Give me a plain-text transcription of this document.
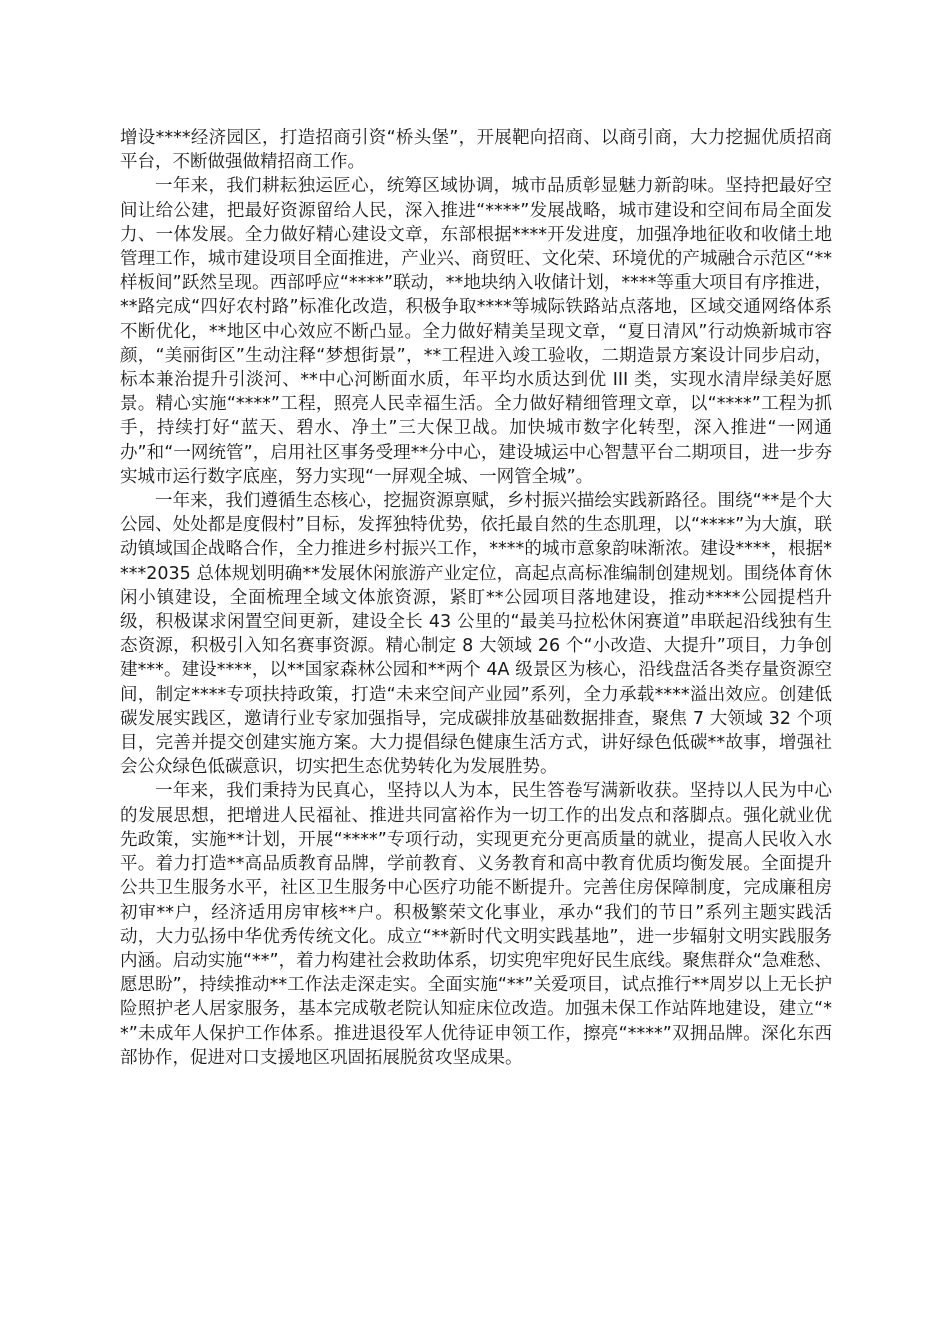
增设****经济园区，打造招商引资“桥头堡”，开展靶向招商、以商引商，大力挖掘优质招商平台，不断做强做精招商工作。

一年来，我们耕耘独运匠心，统筹区域协调，城市品质彰显魅力新韵味。坚持把最好空间让给公建，把最好资源留给人民，深入推进“****”发展战略，城市建设和空间布局全面发力、一体发展。全力做好精心建设文章，东部根据****开发进度，加强净地征收和收储土地管理工作，城市建设项目全面推进，产业兴、商贸旺、文化荣、环境优的产城融合示范区“**样板间”跃然呈现。西部呼应“****”联动，**地块纳入收储计划，****等重大项目有序推进，**路完成“四好农村路”标准化改造，积极争取****等城际铁路站点落地，区域交通网络体系不断优化，**地区中心效应不断凸显。全力做好精美呈现文章，“夏日清风”行动焕新城市容颜，“美丽街区”生动注释“梦想街景”，**工程进入竣工验收，二期造景方案设计同步启动，标本兼治提升引淡河、**中心河断面水质，年平均水质达到优 III 类，实现水清岸绿美好愿景。精心实施“****”工程，照亮人民幸福生活。全力做好精细管理文章，以“****”工程为抓手，持续打好“蓝天、碧水、净土”三大保卫战。加快城市数字化转型，深入推进“一网通办”和“一网统管”，启用社区事务受理**分中心，建设城运中心智慧平台二期项目，进一步夯实城市运行数字底座，努力实现“一屏观全城、一网管全城”。

一年来，我们遵循生态核心，挖掘资源禀赋，乡村振兴描绘实践新路径。围绕“**是个大公园、处处都是度假村”目标，发挥独特优势，依托最自然的生态肌理，以“****”为大旗，联动镇域国企战略合作，全力推进乡村振兴工作，****的城市意象韵味渐浓。建设****，根据****2035 总体规划明确**发展休闲旅游产业定位，高起点高标准编制创建规划。围绕体育休闲小镇建设，全面梳理全域文体旅资源，紧盯**公园项目落地建设，推动****公园提档升级，积极谋求闲置空间更新，建设全长 43 公里的“最美马拉松休闲赛道”串联起沿线独有生态资源，积极引入知名赛事资源。精心制定 8 大领域 26 个“小改造、大提升”项目，力争创建***。建设****，以**国家森林公园和**两个 4A 级景区为核心，沿线盘活各类存量资源空间，制定****专项扶持政策，打造“未来空间产业园”系列，全力承载****溢出效应。创建低碳发展实践区，邀请行业专家加强指导，完成碳排放基础数据排查，聚焦 7 大领域 32 个项目，完善并提交创建实施方案。大力提倡绿色健康生活方式，讲好绿色低碳**故事，增强社会公众绿色低碳意识，切实把生态优势转化为发展胜势。

一年来，我们秉持为民真心，坚持以人为本，民生答卷写满新收获。坚持以人民为中心的发展思想，把增进人民福祉、推进共同富裕作为一切工作的出发点和落脚点。强化就业优先政策，实施**计划，开展“****”专项行动，实现更充分更高质量的就业，提高人民收入水平。着力打造**高品质教育品牌，学前教育、义务教育和高中教育优质均衡发展。全面提升公共卫生服务水平，社区卫生服务中心医疗功能不断提升。完善住房保障制度，完成廉租房初审**户，经济适用房审核**户。积极繁荣文化事业，承办“我们的节日”系列主题实践活动，大力弘扬中华优秀传统文化。成立“**新时代文明实践基地”，进一步辐射文明实践服务内涵。启动实施“**”，着力构建社会救助体系，切实兜牢兜好民生底线。聚焦群众“急难愁、愿思盼”，持续推动**工作法走深走实。全面实施“**”关爱项目，试点推行**周岁以上无长护险照护老人居家服务，基本完成敬老院认知症床位改造。加强未保工作站阵地建设，建立“**”未成年人保护工作体系。推进退役军人优待证申领工作，擦亮“****”双拥品牌。深化东西部协作，促进对口支援地区巩固拓展脱贫攻坚成果。
